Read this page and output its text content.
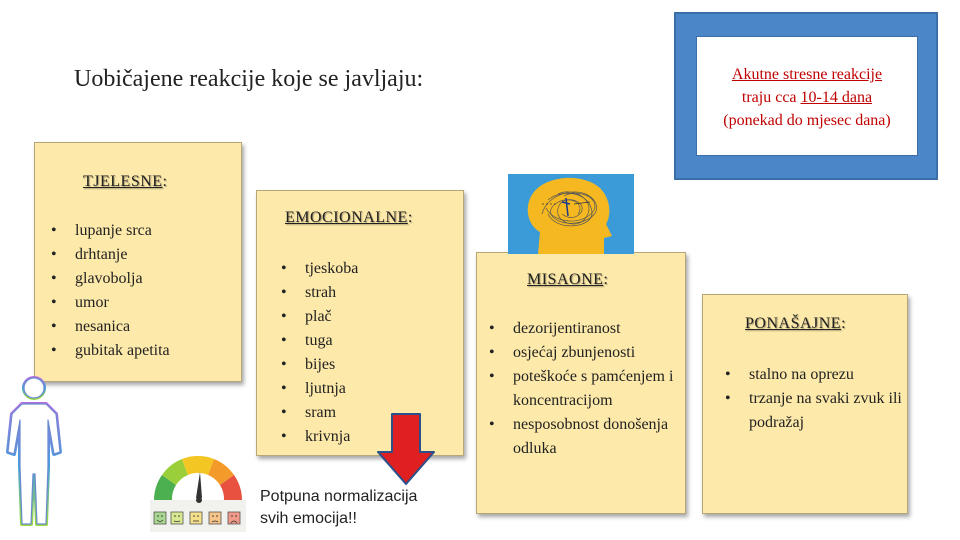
Uobičajene reakcije koje se javljaju:	Akutne stresne reakcije
traju cca 10-14 dana
(ponekad do mjesec dana)
TJELESNE:
• lupanje srca
• drhtanje
• glavobolja
• umor
• nesanica
• gubitak apetita
EMOCIONALNE:
• tjeskoba
• strah
• plač
• tuga
• bijes
• ljutnja
• sram
• krivnja
MISAONE:
• dezorijentiranost
• osjećaj zbunjenosti
• poteškoće s pamćenjem i koncentracijom
• nesposobnost donošenja odluka
PONAŠAJNE:
• stalno na oprezu
• trzanje na svaki zvuk ili podražaj
Potpuna normalizacija
svih emocija!!
